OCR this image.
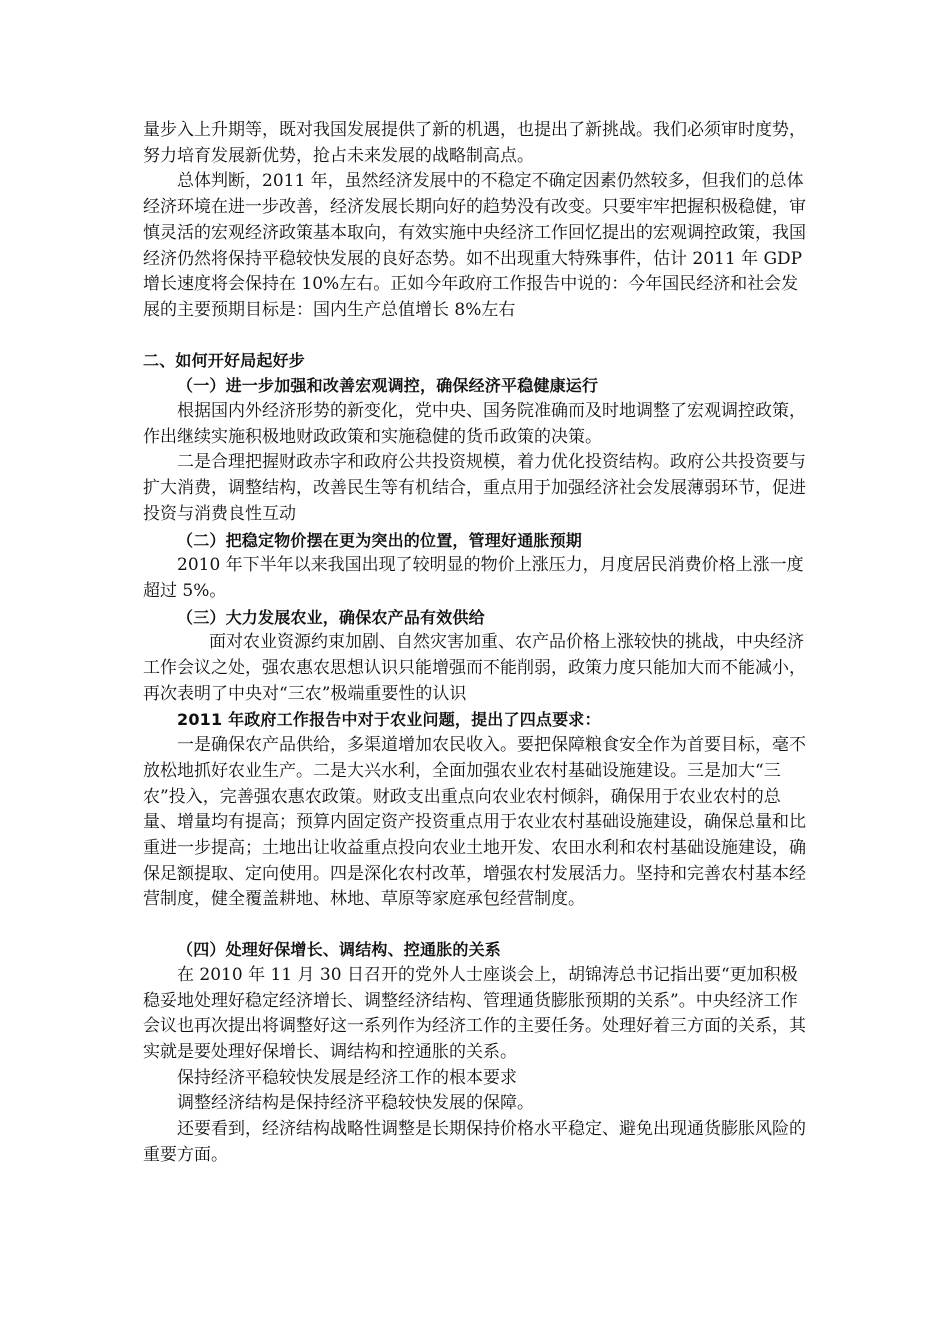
量步入上升期等，既对我国发展提供了新的机遇，也提出了新挑战。我们必须审时度势，努力培育发展新优势，抢占未来发展的战略制高点。

总体判断，2011 年，虽然经济发展中的不稳定不确定因素仍然较多，但我们的总体经济环境在进一步改善，经济发展长期向好的趋势没有改变。只要牢牢把握积极稳健，审慎灵活的宏观经济政策基本取向，有效实施中央经济工作回忆提出的宏观调控政策，我国经济仍然将保持平稳较快发展的良好态势。如不出现重大特殊事件，估计 2011 年 GDP 增长速度将会保持在 10%左右。正如今年政府工作报告中说的：今年国民经济和社会发展的主要预期目标是：国内生产总值增长 8%左右

二、如何开好局起好步

（一）进一步加强和改善宏观调控，确保经济平稳健康运行

根据国内外经济形势的新变化，党中央、国务院准确而及时地调整了宏观调控政策，作出继续实施积极地财政政策和实施稳健的货币政策的决策。

二是合理把握财政赤字和政府公共投资规模，着力优化投资结构。政府公共投资要与扩大消费，调整结构，改善民生等有机结合，重点用于加强经济社会发展薄弱环节，促进投资与消费良性互动

（二）把稳定物价摆在更为突出的位置，管理好通胀预期

2010 年下半年以来我国出现了较明显的物价上涨压力，月度居民消费价格上涨一度超过 5%。

（三）大力发展农业，确保农产品有效供给

面对农业资源约束加剧、自然灾害加重、农产品价格上涨较快的挑战，中央经济工作会议之处，强农惠农思想认识只能增强而不能削弱，政策力度只能加大而不能减小，再次表明了中央对“三农”极端重要性的认识

2011 年政府工作报告中对于农业问题，提出了四点要求：

一是确保农产品供给，多渠道增加农民收入。要把保障粮食安全作为首要目标，毫不放松地抓好农业生产。二是大兴水利，全面加强农业农村基础设施建设。三是加大“三农”投入，完善强农惠农政策。财政支出重点向农业农村倾斜，确保用于农业农村的总量、增量均有提高；预算内固定资产投资重点用于农业农村基础设施建设，确保总量和比重进一步提高；土地出让收益重点投向农业土地开发、农田水利和农村基础设施建设，确保足额提取、定向使用。四是深化农村改革，增强农村发展活力。坚持和完善农村基本经营制度，健全覆盖耕地、林地、草原等家庭承包经营制度。

（四）处理好保增长、调结构、控通胀的关系

在 2010 年 11 月 30 日召开的党外人士座谈会上，胡锦涛总书记指出要“更加积极稳妥地处理好稳定经济增长、调整经济结构、管理通货膨胀预期的关系”。中央经济工作会议也再次提出将调整好这一系列作为经济工作的主要任务。处理好着三方面的关系，其实就是要处理好保增长、调结构和控通胀的关系。

保持经济平稳较快发展是经济工作的根本要求

调整经济结构是保持经济平稳较快发展的保障。

还要看到，经济结构战略性调整是长期保持价格水平稳定、避免出现通货膨胀风险的重要方面。
